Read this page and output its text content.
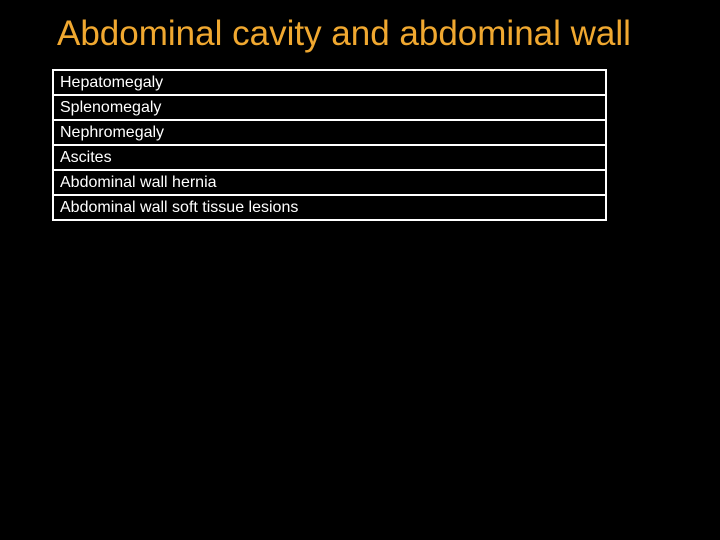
Abdominal cavity and abdominal wall
Hepatomegaly
Splenomegaly
Nephromegaly
Ascites
Abdominal wall hernia
Abdominal wall soft tissue lesions
